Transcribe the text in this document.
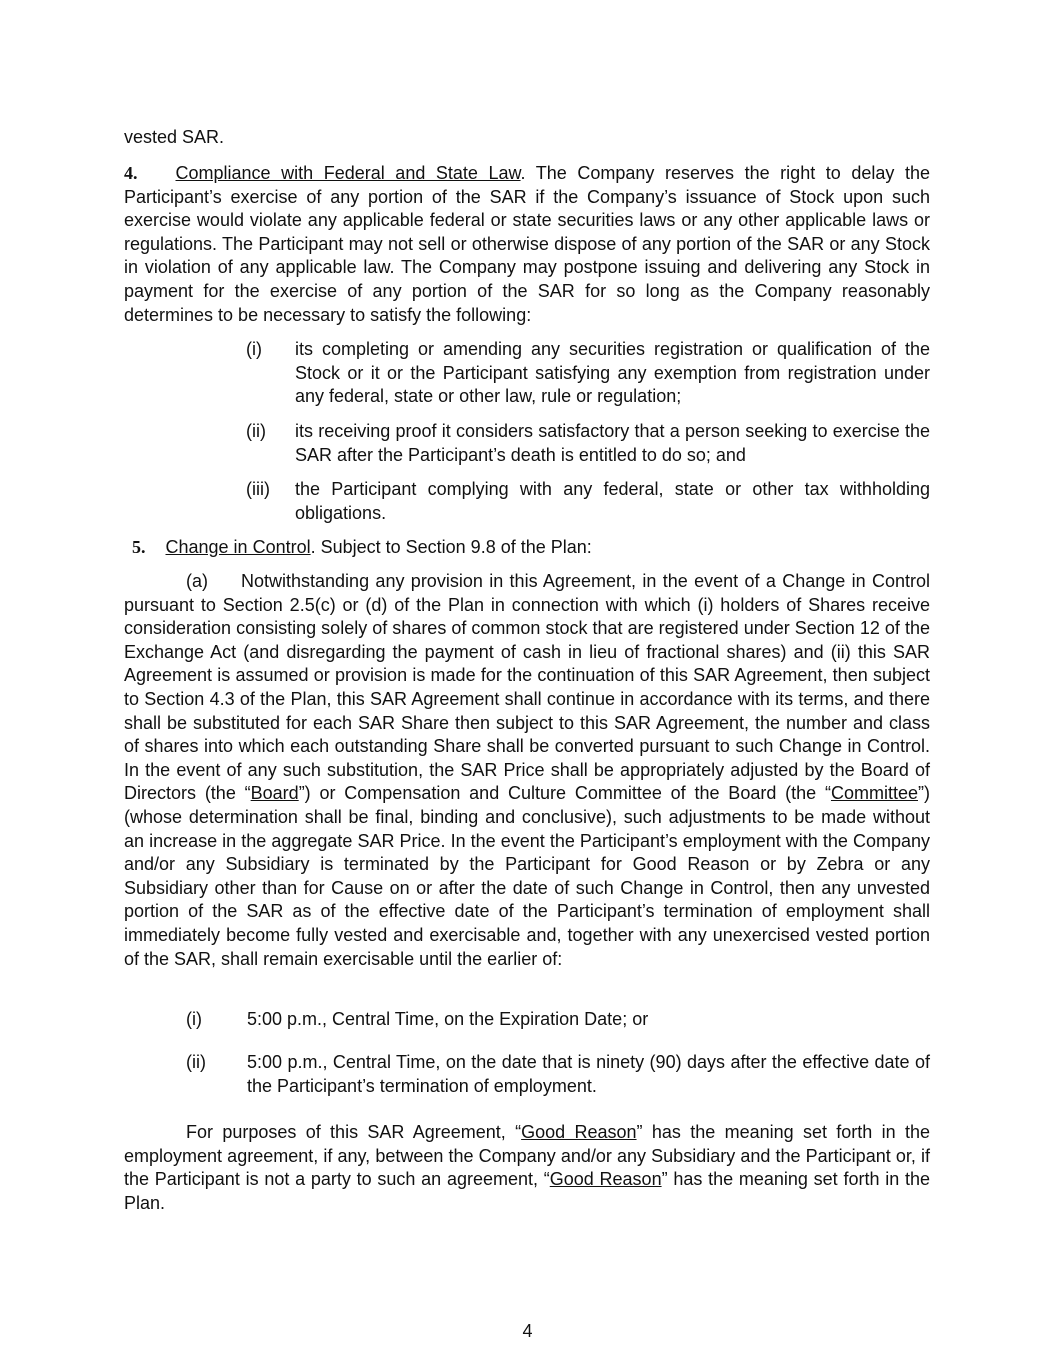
vested SAR.

4. Compliance with Federal and State Law. The Company reserves the right to delay the Participant’s exercise of any portion of the SAR if the Company’s issuance of Stock upon such exercise would violate any applicable federal or state securities laws or any other applicable laws or regulations. The Participant may not sell or otherwise dispose of any portion of the SAR or any Stock in violation of any applicable law. The Company may postpone issuing and delivering any Stock in payment for the exercise of any portion of the SAR for so long as the Company reasonably determines to be necessary to satisfy the following:

(i) its completing or amending any securities registration or qualification of the Stock or it or the Participant satisfying any exemption from registration under any federal, state or other law, rule or regulation;
(ii) its receiving proof it considers satisfactory that a person seeking to exercise the SAR after the Participant’s death is entitled to do so; and
(iii) the Participant complying with any federal, state or other tax withholding obligations.

5. Change in Control. Subject to Section 9.8 of the Plan:

(a) Notwithstanding any provision in this Agreement, in the event of a Change in Control pursuant to Section 2.5(c) or (d) of the Plan in connection with which (i) holders of Shares receive consideration consisting solely of shares of common stock that are registered under Section 12 of the Exchange Act (and disregarding the payment of cash in lieu of fractional shares) and (ii) this SAR Agreement is assumed or provision is made for the continuation of this SAR Agreement, then subject to Section 4.3 of the Plan, this SAR Agreement shall continue in accordance with its terms, and there shall be substituted for each SAR Share then subject to this SAR Agreement, the number and class of shares into which each outstanding Share shall be converted pursuant to such Change in Control. In the event of any such substitution, the SAR Price shall be appropriately adjusted by the Board of Directors (the “Board”) or Compensation and Culture Committee of the Board (the “Committee”) (whose determination shall be final, binding and conclusive), such adjustments to be made without an increase in the aggregate SAR Price. In the event the Participant’s employment with the Company and/or any Subsidiary is terminated by the Participant for Good Reason or by Zebra or any Subsidiary other than for Cause on or after the date of such Change in Control, then any unvested portion of the SAR as of the effective date of the Participant’s termination of employment shall immediately become fully vested and exercisable and, together with any unexercised vested portion of the SAR, shall remain exercisable until the earlier of:

(i)	5:00 p.m., Central Time, on the Expiration Date; or
(ii) 5:00 p.m., Central Time, on the date that is ninety (90) days after the effective date of the Participant’s termination of employment.

For purposes of this SAR Agreement, “Good Reason” has the meaning set forth in the employment agreement, if any, between the Company and/or any Subsidiary and the Participant or, if the Participant is not a party to such an agreement, “Good Reason” has the meaning set forth in the Plan.

4
